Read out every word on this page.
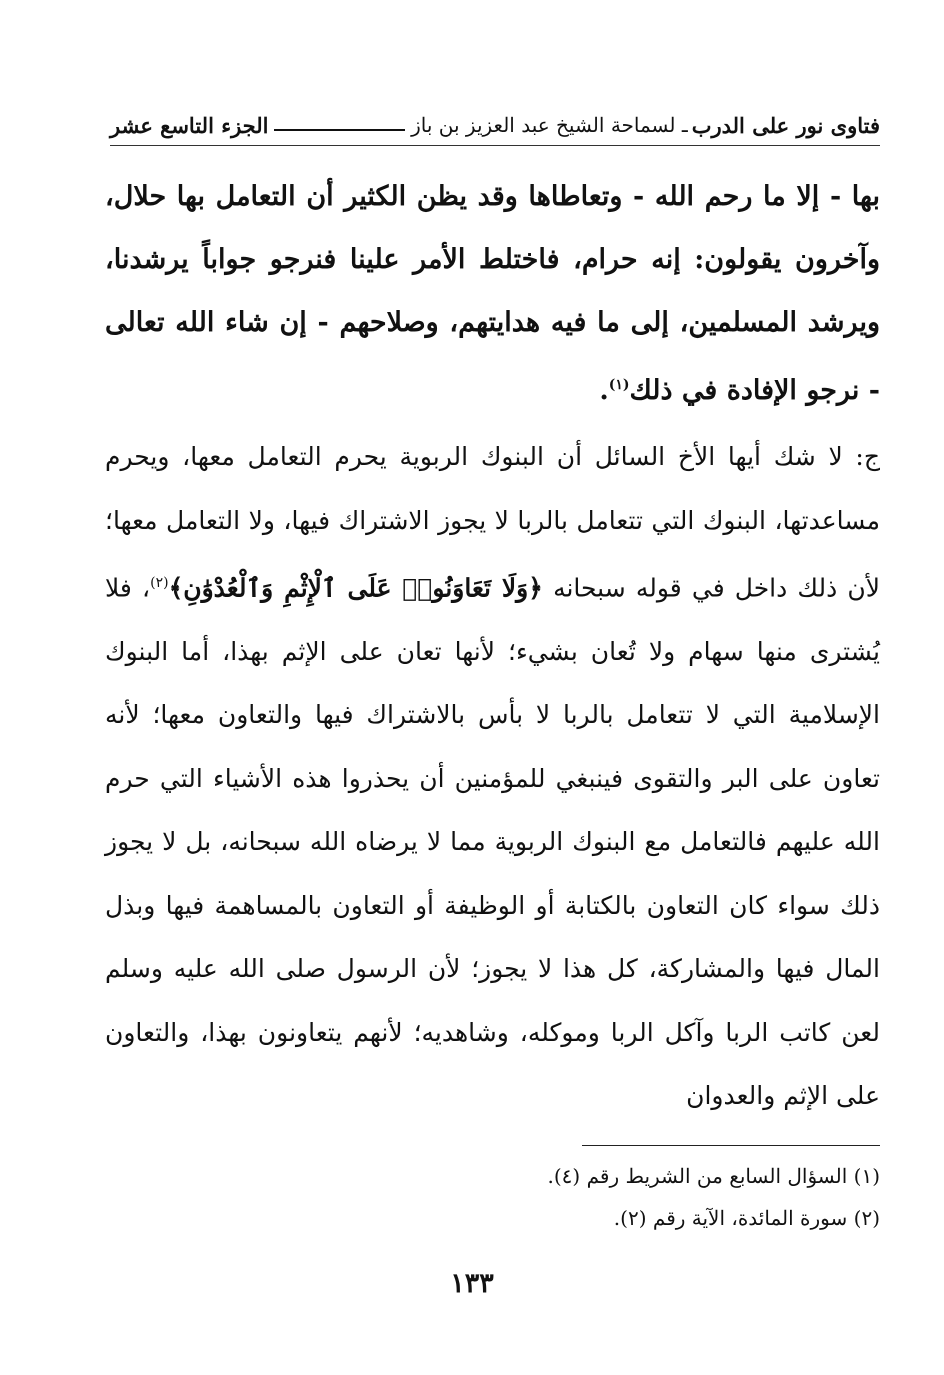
فتاوى نور على الدرب
ـ لسماحة الشيخ عبد العزيز بن باز
الجزء التاسع عشر
بها - إلا ما رحم الله - وتعاطاها وقد يظن الكثير أن التعامل بها حلال، وآخرون يقولون: إنه حرام، فاختلط الأمر علينا فنرجو جواباً يرشدنا، ويرشد المسلمين، إلى ما فيه هدايتهم، وصلاحهم - إن شاء الله تعالى - نرجو الإفادة في ذلك$^{(١)}$.
ج: لا شك أيها الأخ السائل أن البنوك الربوية يحرم التعامل معها، ويحرم مساعدتها، البنوك التي تتعامل بالربا لا يجوز الاشتراك فيها، ولا التعامل معها؛ لأن ذلك داخل في قوله سبحانه ﴿وَلَا تَعَاوَنُوا۟ عَلَى ٱلْإِثْمِ وَٱلْعُدْوَٰنِ﴾$^{(٢)}$، فلا يُشترى منها سهام ولا تُعان بشيء؛ لأنها تعان على الإثم بهذا، أما البنوك الإسلامية التي لا تتعامل بالربا لا بأس بالاشتراك فيها والتعاون معها؛ لأنه تعاون على البر والتقوى فينبغي للمؤمنين أن يحذروا هذه الأشياء التي حرم الله عليهم فالتعامل مع البنوك الربوية مما لا يرضاه الله سبحانه، بل لا يجوز ذلك سواء كان التعاون بالكتابة أو الوظيفة أو التعاون بالمساهمة فيها وبذل المال فيها والمشاركة، كل هذا لا يجوز؛ لأن الرسول صلى الله عليه وسلم لعن كاتب الربا وآكل الربا وموكله، وشاهديه؛ لأنهم يتعاونون بهذا، والتعاون على الإثم والعدوان
(١) السؤال السابع من الشريط رقم (٤).
(٢) سورة المائدة، الآية رقم (٢).
١٣٣
